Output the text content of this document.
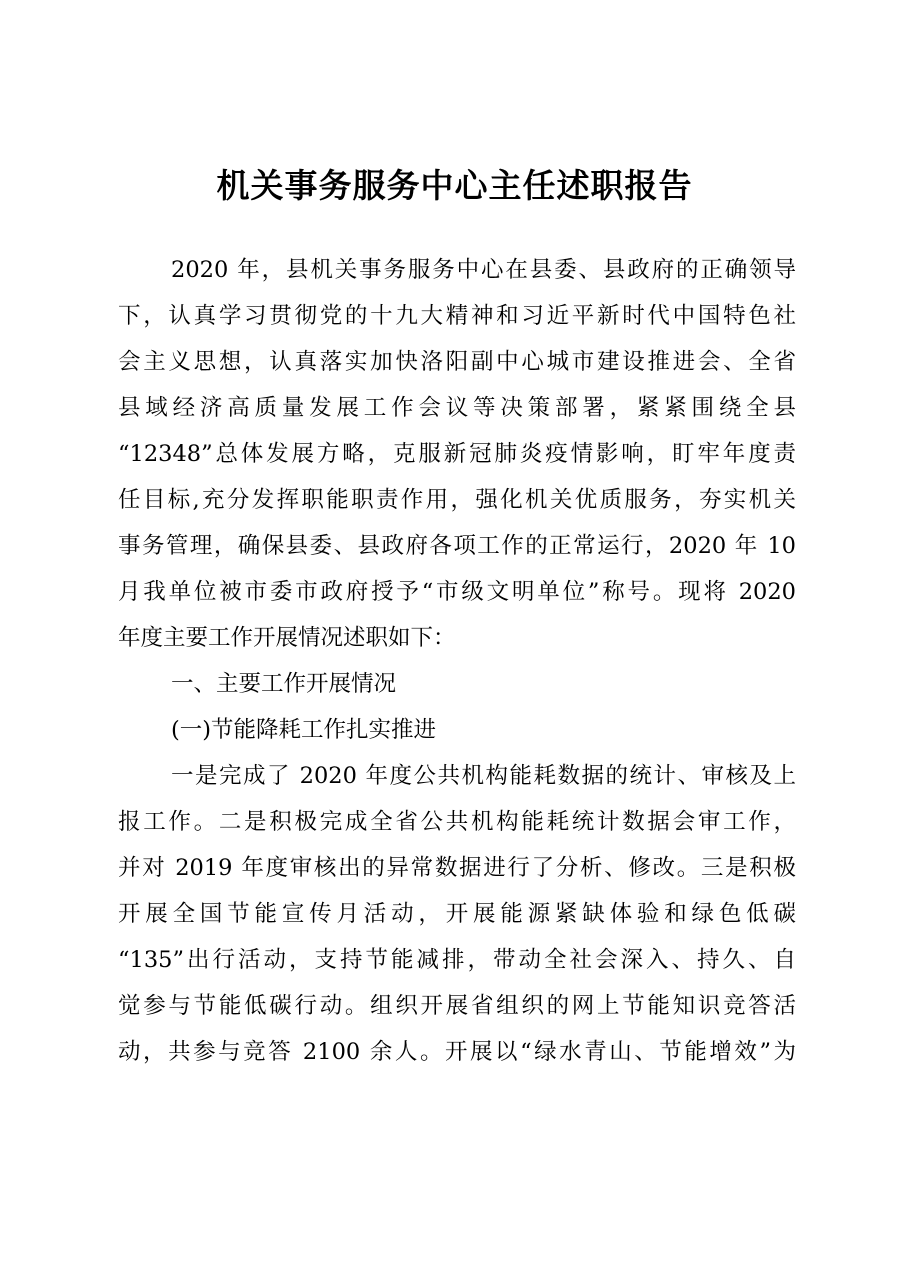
机关事务服务中心主任述职报告
2020 年，县机关事务服务中心在县委、县政府的正确领导
下，认真学习贯彻党的十九大精神和习近平新时代中国特色社
会主义思想，认真落实加快洛阳副中心城市建设推进会、全省
县域经济高质量发展工作会议等决策部署，紧紧围绕全县
“12348”总体发展方略，克服新冠肺炎疫情影响，盯牢年度责
任目标,充分发挥职能职责作用，强化机关优质服务，夯实机关
事务管理，确保县委、县政府各项工作的正常运行，2020 年 10
月我单位被市委市政府授予“市级文明单位”称号。现将 2020
年度主要工作开展情况述职如下：
一、主要工作开展情况
(一)节能降耗工作扎实推进
一是完成了 2020 年度公共机构能耗数据的统计、审核及上
报工作。二是积极完成全省公共机构能耗统计数据会审工作，
并对 2019 年度审核出的异常数据进行了分析、修改。三是积极
开展全国节能宣传月活动，开展能源紧缺体验和绿色低碳
“135”出行活动，支持节能减排，带动全社会深入、持久、自
觉参与节能低碳行动。组织开展省组织的网上节能知识竞答活
动，共参与竞答 2100 余人。开展以“绿水青山、节能增效”为
